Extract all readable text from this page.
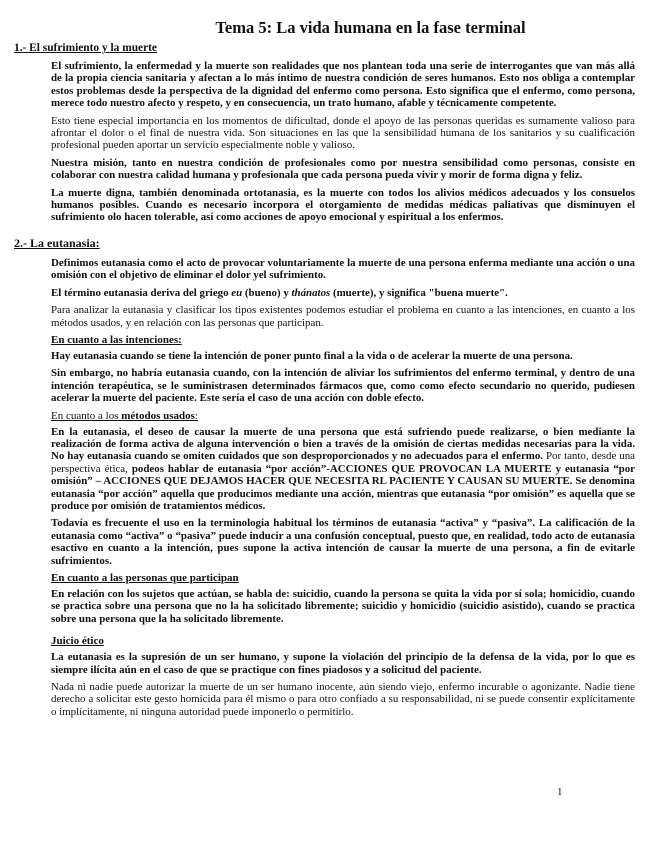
Tema 5: La vida humana en la fase terminal
1.- El sufrimiento y la muerte

El sufrimiento, la enfermedad y la muerte son realidades que nos plantean toda una serie de interrogantes que van más allá de la propia ciencia sanitaria y afectan a lo más íntimo de nuestra condición de seres humanos. Esto nos obliga a contemplar estos problemas desde la perspectiva de la dignidad del enfermo como persona. Esto significa que el enfermo, como persona, merece todo nuestro afecto y respeto, y en consecuencia, un trato humano, afable y técnicamente competente.

Esto tiene especial importancia en los momentos de dificultad, donde el apoyo de las personas queridas es sumamente valioso para afrontar el dolor o el final de nuestra vida. Son situaciones en las que la sensibilidad humana de los sanitarios y su cualificación profesional pueden aportar un servicio especialmente noble y valioso.

Nuestra misión, tanto en nuestra condición de profesionales como por nuestra sensibilidad como personas, consiste en colaborar con nuestra calidad humana y profesionala que cada persona pueda vivir y morir de forma digna y feliz.

La muerte digna, también denominada ortotanasia, es la muerte con todos los alivios médicos adecuados y los consuelos humanos posibles. Cuando es necesario incorpora el otorgamiento de medidas médicas paliativas que disminuyen el sufrimiento olo hacen tolerable, así como acciones de apoyo emocional y espiritual a los enfermos.

2.- La eutanasia:

Definimos eutanasia como el acto de provocar voluntariamente la muerte de una persona enferma mediante una acción o una omisión con el objetivo de eliminar el dolor yel sufrimiento.

El término eutanasia deriva del griego eu (bueno) y thánatos (muerte), y significa "buena muerte".

Para analizar la eutanasia y clasificar los tipos existentes podemos estudiar el problema en cuanto a las intenciones, en cuanto a los métodos usados, y en relación con las personas que participan.

En cuanto a las intenciones:

Hay eutanasia cuando se tiene la intención de poner punto final a la vida o de acelerar la muerte de una persona.

Sin embargo, no habría eutanasia cuando, con la intención de aliviar los sufrimientos del enfermo terminal, y dentro de una intención terapéutica, se le suministrasen determinados fármacos que, como como efecto secundario no querido, pudiesen acelerar la muerte del paciente. Este sería el caso de una acción con doble efecto.

En cuanto a los métodos usados:

En la eutanasia, el deseo de causar la muerte de una persona que está sufriendo puede realizarse, o bien mediante la realización de forma activa de alguna intervención o bien a través de la omisión de ciertas medidas necesarias para la vida. No hay eutanasia cuando se omiten cuidados que son desproporcionados y no adecuados para el enfermo. Por tanto, desde una perspectiva ética, podeos hablar de eutanasia “por acción”-ACCIONES QUE PROVOCAN LA MUERTE y eutanasia “por omisión” – ACCIONES QUE DEJAMOS HACER QUE NECESITA RL PACIENTE Y CAUSAN SU MUERTE. Se denomina eutanasia “por acción” aquella que producimos mediante una acción, mientras que eutanasia “por omisión” es aquella que se produce por omisión de tratamientos médicos.

Todavía es frecuente el uso en la terminología habitual los términos de eutanasia “activa” y “pasiva”. La calificación de la eutanasia como “activa” o “pasiva” puede inducir a una confusión conceptual, puesto que, en realidad, todo acto de eutanasia esactivo en cuanto a la intención, pues supone la activa intención de causar la muerte de una persona, a fin de evitarle sufrimientos.

En cuanto a las personas que participan

En relación con los sujetos que actúan, se habla de: suicidio, cuando la persona se quita la vida por sí sola; homicidio, cuando se practica sobre una persona que no la ha solicitado libremente; suicidio y homicidio (suicidio asistido), cuando se practica sobre una persona que la ha solicitado libremente.

Juicio ético

La eutanasia es la supresión de un ser humano, y supone la violación del principio de la defensa de la vida, por lo que es siempre ilícita aún en el caso de que se practique con fines piadosos y a solicitud del paciente.

Nada ni nadie puede autorizar la muerte de un ser humano inocente, aún siendo viejo, enfermo incurable o agonizante. Nadie tiene derecho a solicitar este gesto homicida para él mismo o para otro confiado a su responsabilidad, ni se puede consentir explícitamente o implícitamente, ni ninguna autoridad puede imponerlo o permitirlo.

1
